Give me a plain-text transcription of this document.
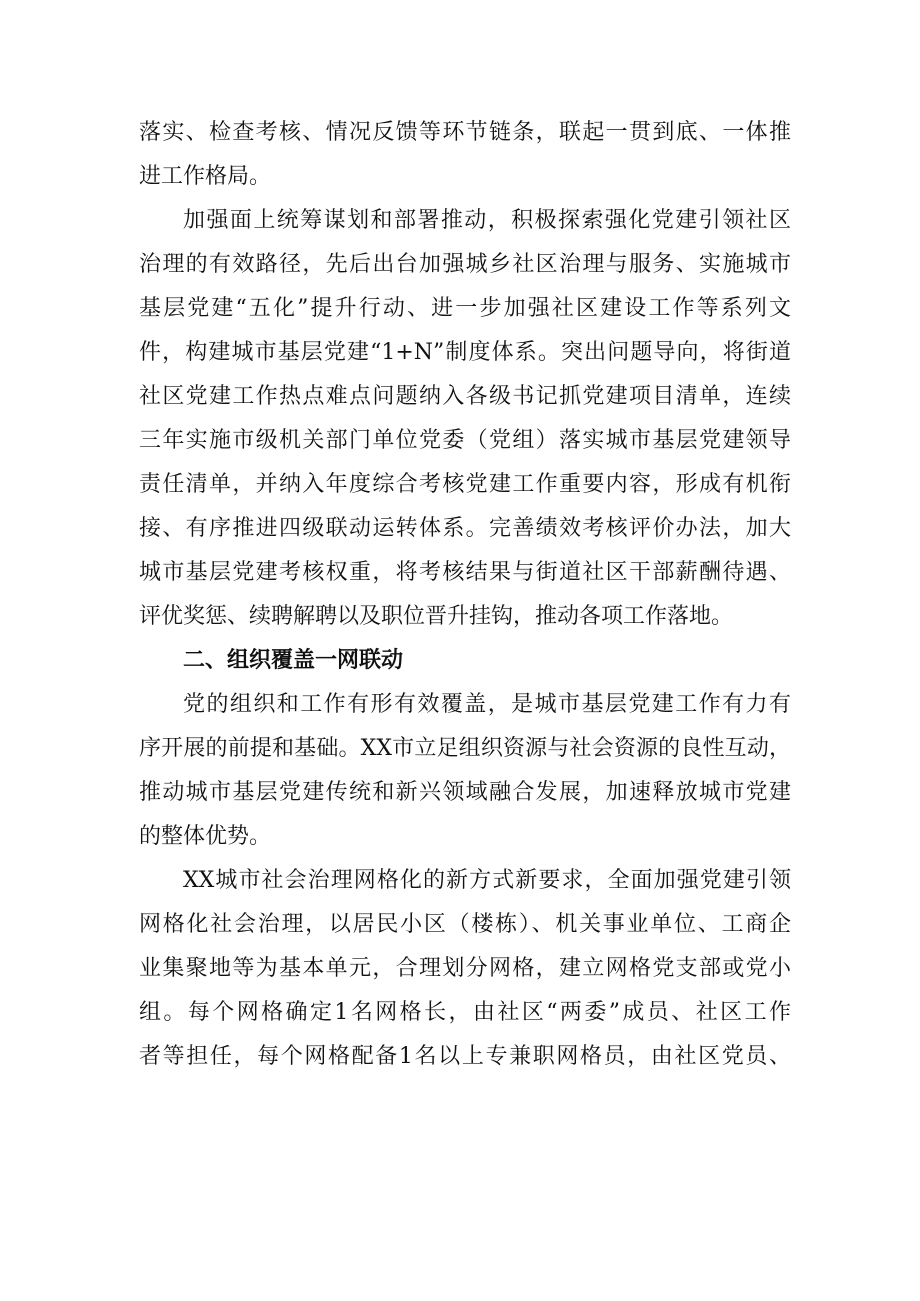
落实、检查考核、情况反馈等环节链条，联起一贯到底、一体推
进工作格局。
加强面上统筹谋划和部署推动，积极探索强化党建引领社区
治理的有效路径，先后出台加强城乡社区治理与服务、实施城市
基层党建“五化”提升行动、进一步加强社区建设工作等系列文
件，构建城市基层党建“1+N”制度体系。突出问题导向，将街道
社区党建工作热点难点问题纳入各级书记抓党建项目清单，连续
三年实施市级机关部门单位党委（党组）落实城市基层党建领导
责任清单，并纳入年度综合考核党建工作重要内容，形成有机衔
接、有序推进四级联动运转体系。完善绩效考核评价办法，加大
城市基层党建考核权重，将考核结果与街道社区干部薪酬待遇、
评优奖惩、续聘解聘以及职位晋升挂钩，推动各项工作落地。
二、组织覆盖一网联动
党的组织和工作有形有效覆盖，是城市基层党建工作有力有
序开展的前提和基础。XX市立足组织资源与社会资源的良性互动，
推动城市基层党建传统和新兴领域融合发展，加速释放城市党建
的整体优势。
XX城市社会治理网格化的新方式新要求，全面加强党建引领
网格化社会治理，以居民小区（楼栋）、机关事业单位、工商企
业集聚地等为基本单元，合理划分网格，建立网格党支部或党小
组。每个网格确定1名网格长，由社区“两委”成员、社区工作
者等担任，每个网格配备1名以上专兼职网格员，由社区党员、
